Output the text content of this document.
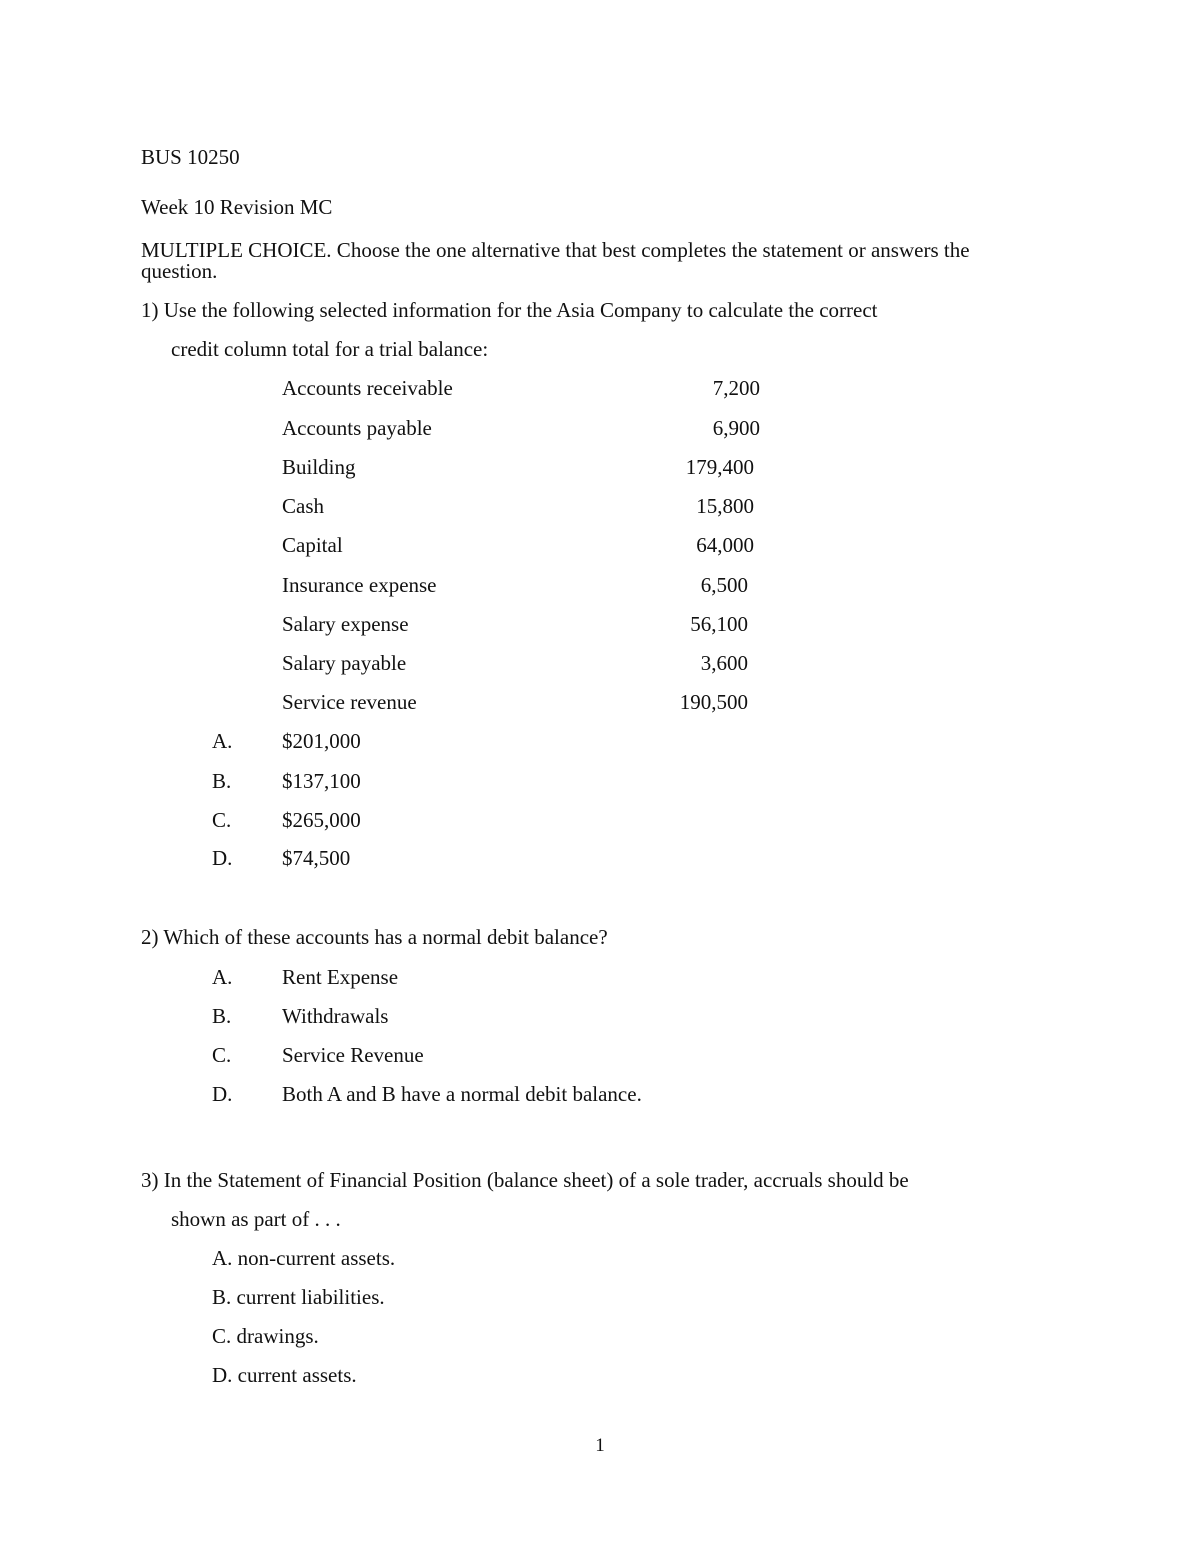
BUS 10250
Week 10 Revision MC
MULTIPLE CHOICE. Choose the one alternative that best completes the statement or answers the question.
1) Use the following selected information for the Asia Company to calculate the correct
credit column total for a trial balance:
Accounts receivable	7,200
Accounts payable	6,900
Building	179,400
Cash	15,800
Capital	64,000
Insurance expense	6,500
Salary expense	56,100
Salary payable	3,600
Service revenue	190,500
A. $201,000
B. $137,100
C. $265,000
D. $74,500
2) Which of these accounts has a normal debit balance?
A. Rent Expense
B. Withdrawals
C. Service Revenue
D. Both A and B have a normal debit balance.
3) In the Statement of Financial Position (balance sheet) of a sole trader, accruals should be
shown as part of . . .
A. non-current assets.
B. current liabilities.
C. drawings.
D. current assets.
1
